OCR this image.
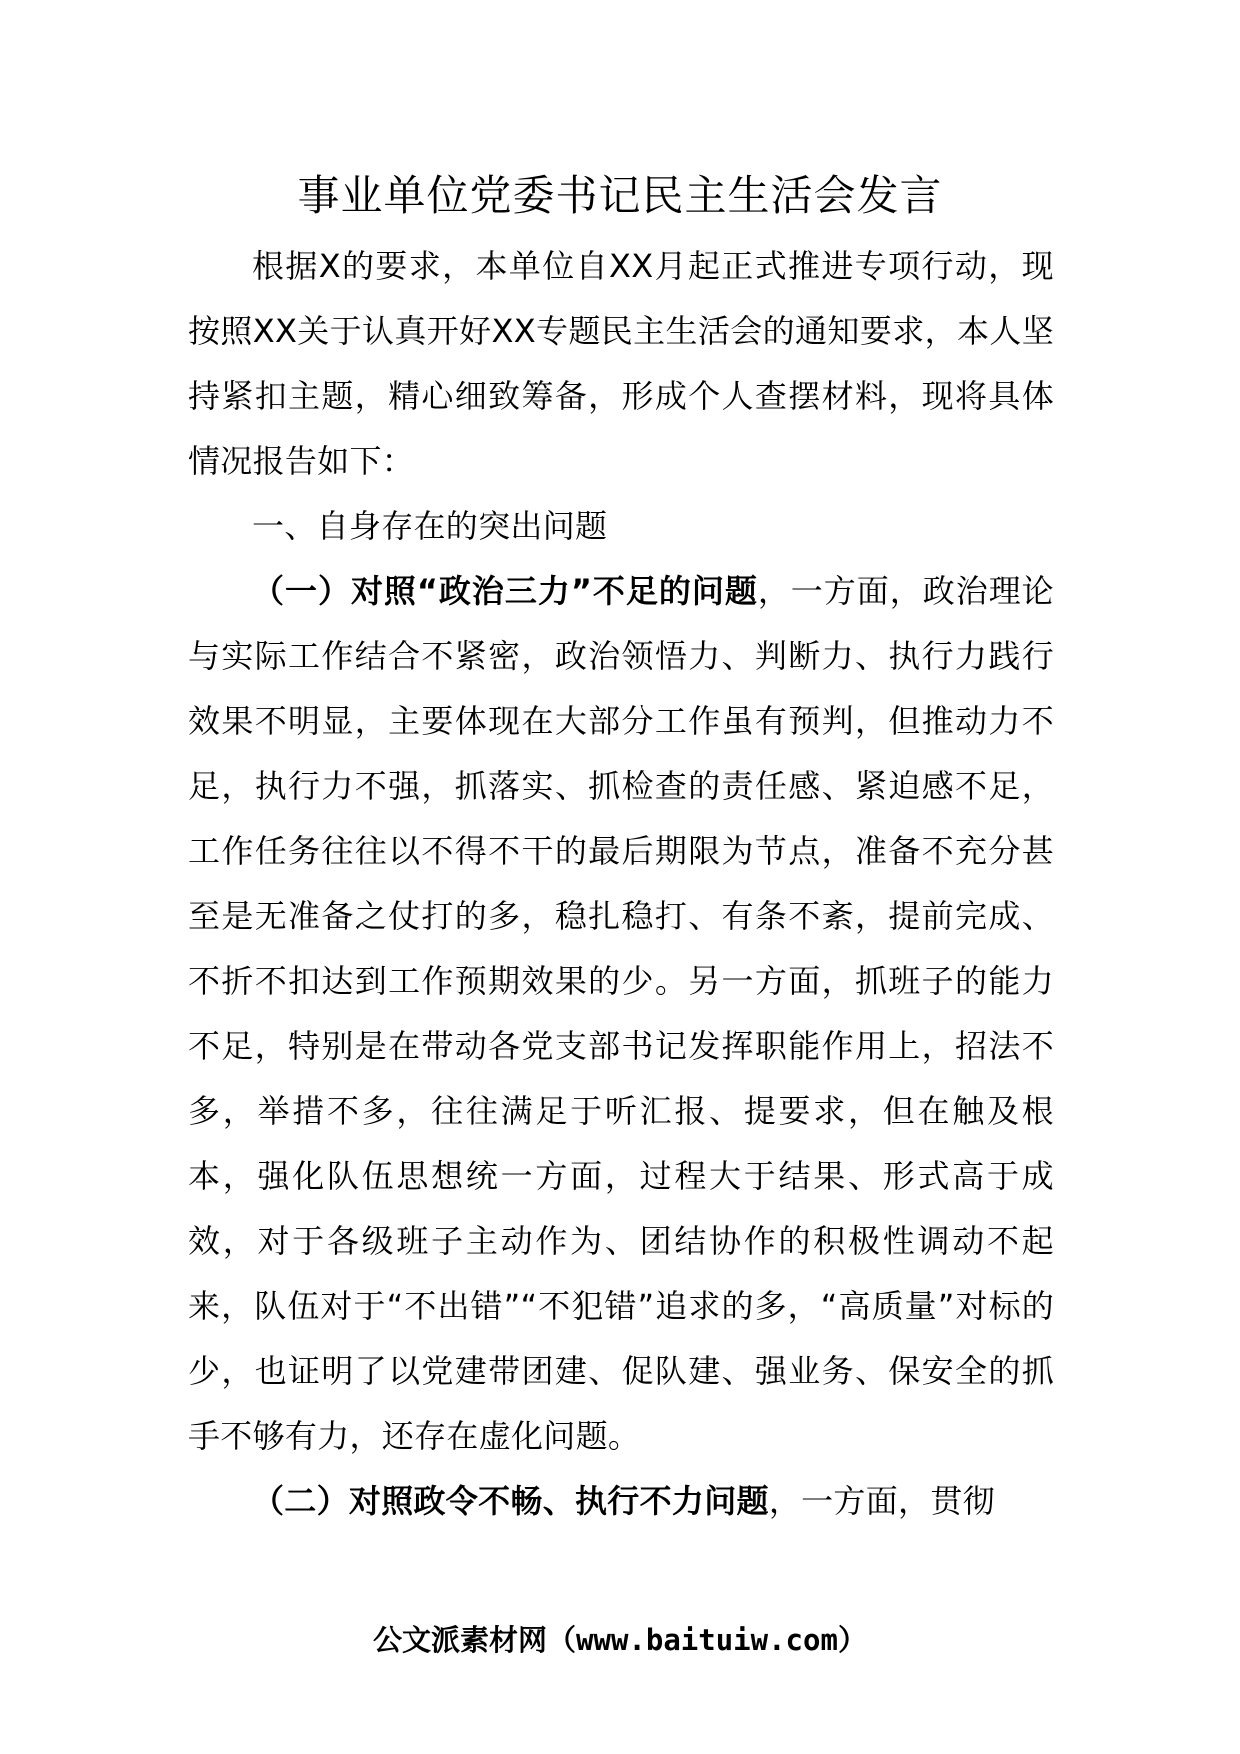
事业单位党委书记民主生活会发言

根据X的要求，本单位自XX月起正式推进专项行动，现按照XX关于认真开好XX专题民主生活会的通知要求，本人坚持紧扣主题，精心细致筹备，形成个人查摆材料，现将具体情况报告如下：

一、自身存在的突出问题

（一）对照“政治三力”不足的问题，一方面，政治理论与实际工作结合不紧密，政治领悟力、判断力、执行力践行效果不明显，主要体现在大部分工作虽有预判，但推动力不足，执行力不强，抓落实、抓检查的责任感、紧迫感不足，工作任务往往以不得不干的最后期限为节点，准备不充分甚至是无准备之仗打的多，稳扎稳打、有条不紊，提前完成、不折不扣达到工作预期效果的少。另一方面，抓班子的能力不足，特别是在带动各党支部书记发挥职能作用上，招法不多，举措不多，往往满足于听汇报、提要求，但在触及根本，强化队伍思想统一方面，过程大于结果、形式高于成效，对于各级班子主动作为、团结协作的积极性调动不起来，队伍对于“不出错”“不犯错”追求的多，“高质量”对标的少，也证明了以党建带团建、促队建、强业务、保安全的抓手不够有力，还存在虚化问题。

（二）对照政令不畅、执行不力问题，一方面，贯彻

公文派素材网（www.baituiw.com）
